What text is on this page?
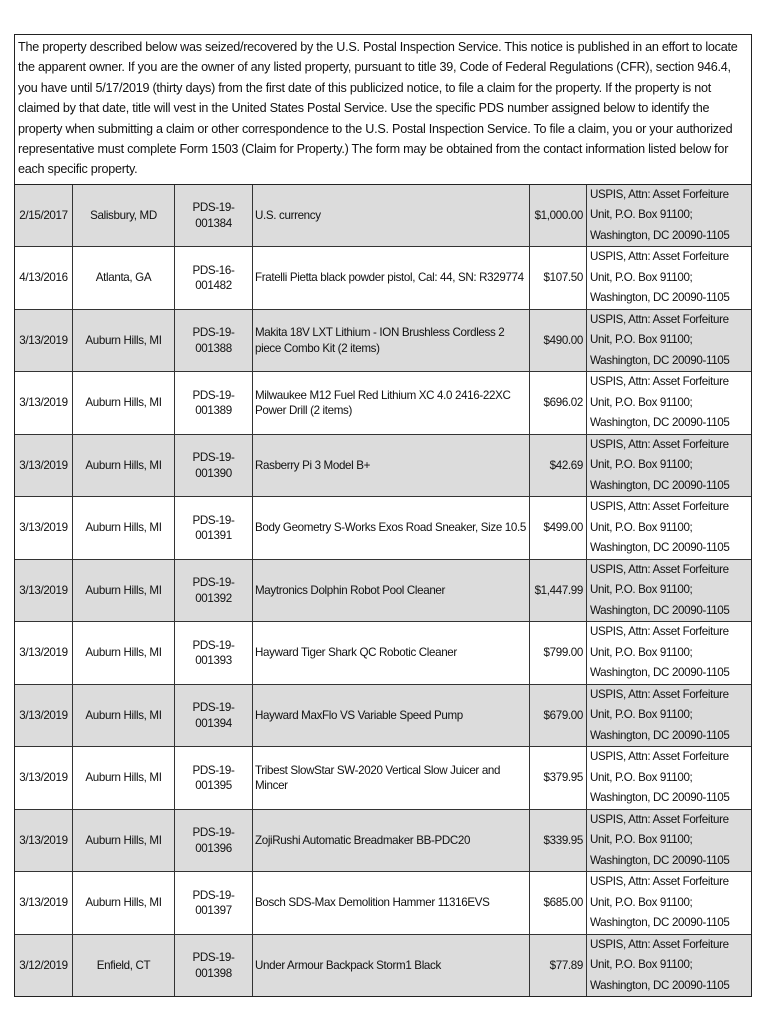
The property described below was seized/recovered by the U.S. Postal Inspection Service. This notice is published in an effort to locate the apparent owner. If you are the owner of any listed property, pursuant to title 39, Code of Federal Regulations (CFR), section 946.4, you have until 5/17/2019 (thirty days) from the first date of this publicized notice, to file a claim for the property. If the property is not claimed by that date, title will vest in the United States Postal Service. Use the specific PDS number assigned below to identify the property when submitting a claim or other correspondence to the U.S. Postal Inspection Service. To file a claim, you or your authorized representative must complete Form 1503 (Claim for Property.) The form may be obtained from the contact information listed below for each specific property.
2/15/2017	Salisbury, MD	PDS-19-001384	U.S. currency	$1,000.00	USPIS, Attn: Asset Forfeiture Unit, P.O. Box 91100; Washington, DC 20090-1105
4/13/2016	Atlanta, GA	PDS-16-001482	Fratelli Pietta black powder pistol, Cal: 44, SN: R329774	$107.50	USPIS, Attn: Asset Forfeiture Unit, P.O. Box 91100; Washington, DC 20090-1105
3/13/2019	Auburn Hills, MI	PDS-19-001388	Makita 18V LXT Lithium - ION Brushless Cordless 2 piece Combo Kit (2 items)	$490.00	USPIS, Attn: Asset Forfeiture Unit, P.O. Box 91100; Washington, DC 20090-1105
3/13/2019	Auburn Hills, MI	PDS-19-001389	Milwaukee M12 Fuel Red Lithium XC 4.0 2416-22XC Power Drill (2 items)	$696.02	USPIS, Attn: Asset Forfeiture Unit, P.O. Box 91100; Washington, DC 20090-1105
3/13/2019	Auburn Hills, MI	PDS-19-001390	Rasberry Pi 3 Model B+	$42.69	USPIS, Attn: Asset Forfeiture Unit, P.O. Box 91100; Washington, DC 20090-1105
3/13/2019	Auburn Hills, MI	PDS-19-001391	Body Geometry S-Works Exos Road Sneaker, Size 10.5	$499.00	USPIS, Attn: Asset Forfeiture Unit, P.O. Box 91100; Washington, DC 20090-1105
3/13/2019	Auburn Hills, MI	PDS-19-001392	Maytronics Dolphin Robot Pool Cleaner	$1,447.99	USPIS, Attn: Asset Forfeiture Unit, P.O. Box 91100; Washington, DC 20090-1105
3/13/2019	Auburn Hills, MI	PDS-19-001393	Hayward Tiger Shark QC Robotic Cleaner	$799.00	USPIS, Attn: Asset Forfeiture Unit, P.O. Box 91100; Washington, DC 20090-1105
3/13/2019	Auburn Hills, MI	PDS-19-001394	Hayward MaxFlo VS Variable Speed Pump	$679.00	USPIS, Attn: Asset Forfeiture Unit, P.O. Box 91100; Washington, DC 20090-1105
3/13/2019	Auburn Hills, MI	PDS-19-001395	Tribest SlowStar SW-2020 Vertical Slow Juicer and Mincer	$379.95	USPIS, Attn: Asset Forfeiture Unit, P.O. Box 91100; Washington, DC 20090-1105
3/13/2019	Auburn Hills, MI	PDS-19-001396	ZojiRushi Automatic Breadmaker BB-PDC20	$339.95	USPIS, Attn: Asset Forfeiture Unit, P.O. Box 91100; Washington, DC 20090-1105
3/13/2019	Auburn Hills, MI	PDS-19-001397	Bosch SDS-Max Demolition Hammer 11316EVS	$685.00	USPIS, Attn: Asset Forfeiture Unit, P.O. Box 91100; Washington, DC 20090-1105
3/12/2019	Enfield, CT	PDS-19-001398	Under Armour Backpack Storm1 Black	$77.89	USPIS, Attn: Asset Forfeiture Unit, P.O. Box 91100; Washington, DC 20090-1105
